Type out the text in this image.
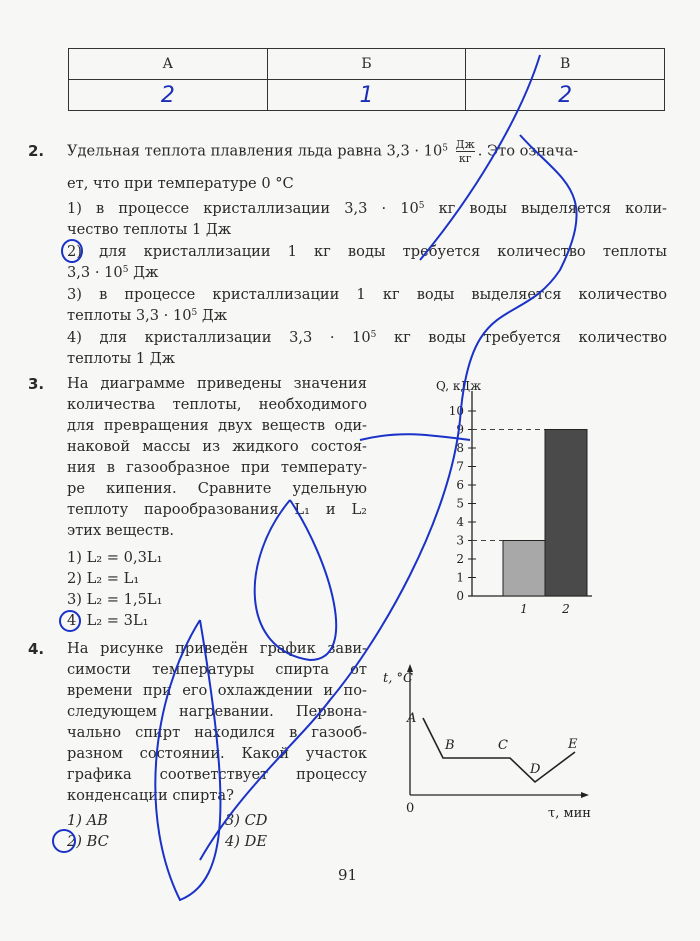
А	Б	В
2	1	2
2. Удельная теплота плавления льда равна $3,3 \cdot 10^5$ Дж
кг . Это означа-
ет, что при температуре 0 °С
1) в процессе кристаллизации $3,3 \cdot 10^5$ кг воды выделяется коли-
чество теплоты 1 Дж
2) для кристаллизации 1 кг воды требуется количество теплоты
$3,3 \cdot 10^5$ Дж
3) в процессе кристаллизации 1 кг воды выделяется количество
теплоты $3,3 \cdot 10^5$ Дж
4) для кристаллизации $3,3 \cdot 10^5$ кг воды требуется количество
теплоты 1 Дж
3. На диаграмме приведены значения
количества теплоты, необходимого
для превращения двух веществ оди-
наковой массы из жидкого состоя-
ния в газообразное при температу-
ре кипения. Сравните удельную
теплоту парообразования L₁ и L₂
этих веществ.
1) L₂ = 0,3L₁
2) L₂ = L₁
3) L₂ = 1,5L₁
4) L₂ = 3L₁
Q, кДж
0
1
2
3
4
5
6
7
8
9
10
1	2
4. На рисунке приведён график зави-
симости температуры спирта от
времени при его охлаждении и по-
следующем нагревании. Первона-
чально спирт находился в газооб-
разном состоянии. Какой участок
графика соответствует процессу
конденсации спирта?
1) AB	3) CD
2) BC	4) DE
t, °С
τ, мин
0
A
B	C
D
E
91
